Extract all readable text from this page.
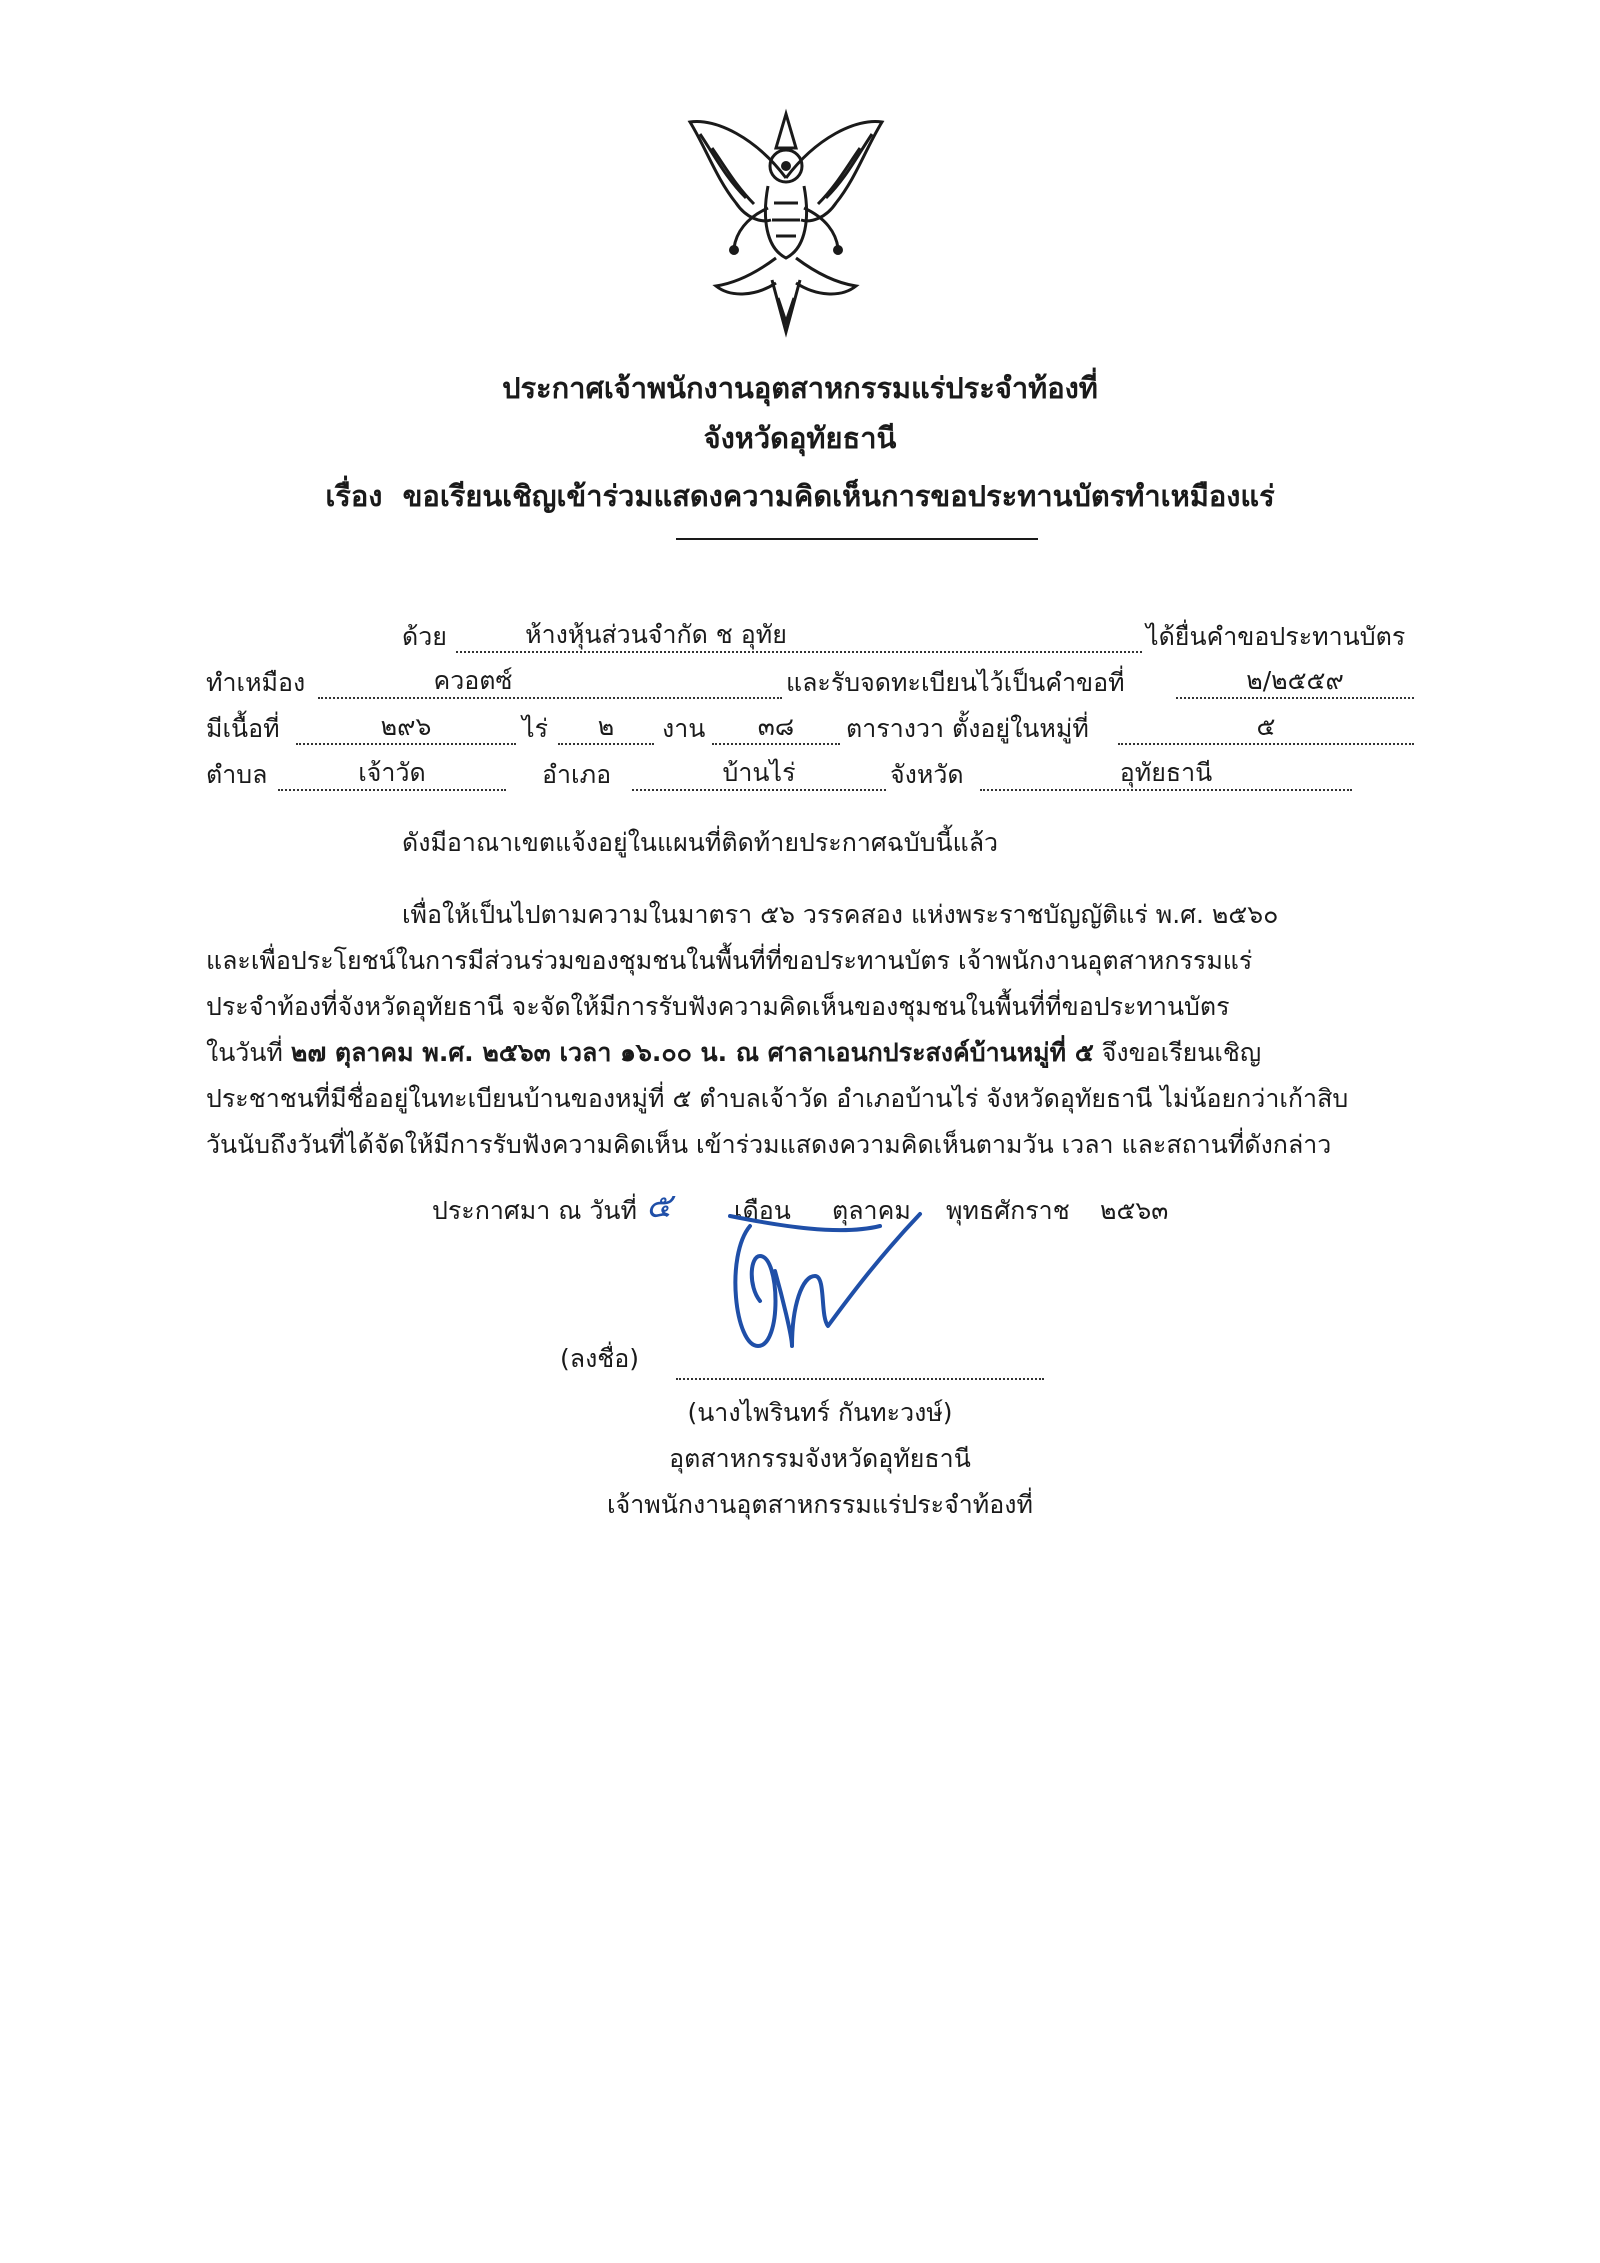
ประกาศเจ้าพนักงานอุตสาหกรรมแร่ประจำท้องที่
จังหวัดอุทัยธานี
เรื่อง ขอเรียนเชิญเข้าร่วมแสดงความคิดเห็นการขอประทานบัตรทำเหมืองแร่
ด้วย	ห้างหุ้นส่วนจำกัด ช อุทัย	ได้ยื่นคำขอประทานบัตร
ทำเหมือง	ควอตซ์	และรับจดทะเบียนไว้เป็นคำขอที่	๒/๒๕๕๙
มีเนื้อที่	๒๙๖	ไร่	๒	งาน	๓๘	ตารางวา ตั้งอยู่ในหมู่ที่	๕
ตำบล	เจ้าวัด	อำเภอ	บ้านไร่	จังหวัด	อุทัยธานี
ดังมีอาณาเขตแจ้งอยู่ในแผนที่ติดท้ายประกาศฉบับนี้แล้ว
เพื่อให้เป็นไปตามความในมาตรา ๕๖ วรรคสอง แห่งพระราชบัญญัติแร่ พ.ศ. ๒๕๖๐
และเพื่อประโยชน์ในการมีส่วนร่วมของชุมชนในพื้นที่ที่ขอประทานบัตร เจ้าพนักงานอุตสาหกรรมแร่
ประจำท้องที่จังหวัดอุทัยธานี จะจัดให้มีการรับฟังความคิดเห็นของชุมชนในพื้นที่ที่ขอประทานบัตร
ในวันที่ ๒๗ ตุลาคม พ.ศ. ๒๕๖๓ เวลา ๑๖.๐๐ น. ณ ศาลาเอนกประสงค์บ้านหมู่ที่ ๕ จึงขอเรียนเชิญ
ประชาชนที่มีชื่ออยู่ในทะเบียนบ้านของหมู่ที่ ๕ ตำบลเจ้าวัด อำเภอบ้านไร่ จังหวัดอุทัยธานี ไม่น้อยกว่าเก้าสิบ
วันนับถึงวันที่ได้จัดให้มีการรับฟังความคิดเห็น เข้าร่วมแสดงความคิดเห็นตามวัน เวลา และสถานที่ดังกล่าว
ประกาศมา ณ วันที่ ๕ เดือน ตุลาคม พุทธศักราช ๒๕๖๓
(ลงชื่อ)
(นางไพรินทร์ กันทะวงษ์)
อุตสาหกรรมจังหวัดอุทัยธานี
เจ้าพนักงานอุตสาหกรรมแร่ประจำท้องที่
